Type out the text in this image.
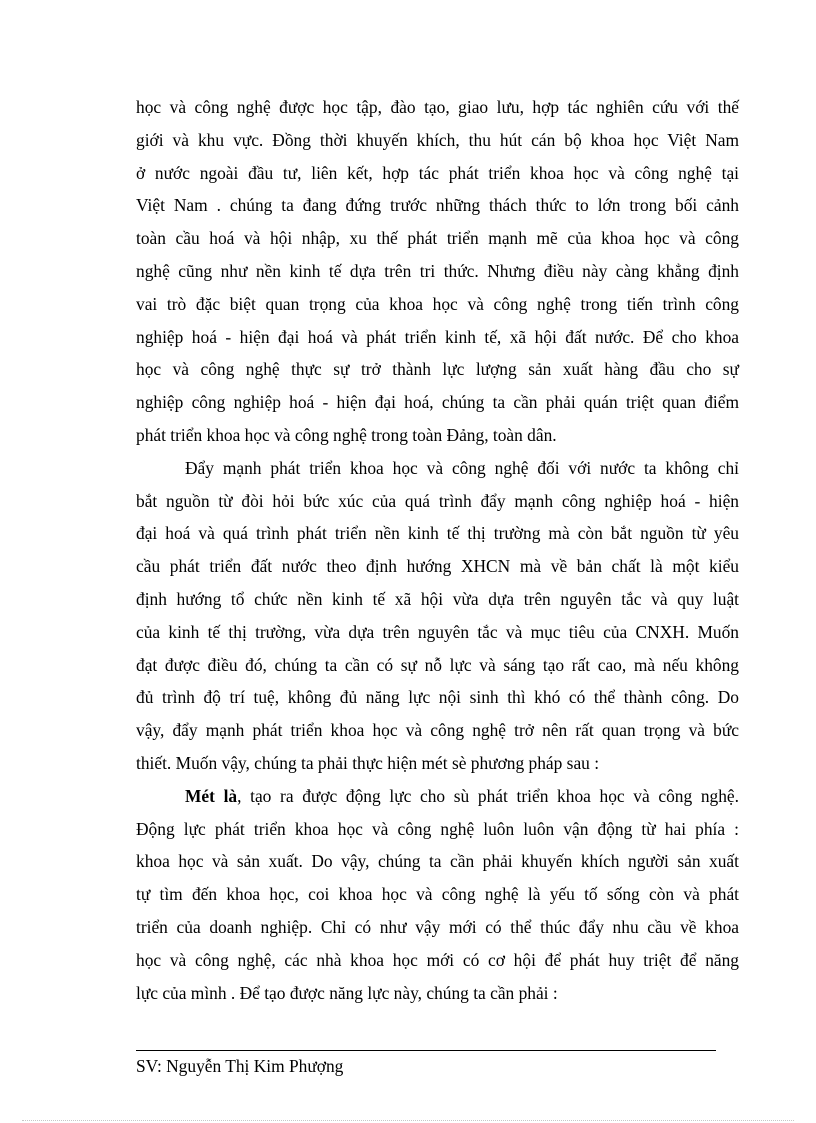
học và công nghệ được học tập, đào tạo, giao lưu, hợp tác nghiên cứu với thế
giới và khu vực. Đồng thời khuyến khích, thu hút cán bộ khoa học Việt Nam
ở nước ngoài đầu tư, liên kết, hợp tác phát triển khoa học và công nghệ tại
Việt Nam . chúng ta đang đứng trước những thách thức to lớn trong bối cảnh
toàn cầu hoá và hội nhập, xu thế phát triển mạnh mẽ của khoa học và công
nghệ cũng như nền kinh tế dựa trên tri thức. Nhưng điều này càng khẳng định
vai trò đặc biệt quan trọng của khoa học và công nghệ trong tiến trình công
nghiệp hoá - hiện đại hoá và phát triển kinh tế, xã hội đất nước. Để cho khoa
học và công nghệ thực sự trở thành lực lượng sản xuất hàng đầu cho sự
nghiệp công nghiệp hoá - hiện đại hoá, chúng ta cần phải quán triệt quan điểm
phát triển khoa học và công nghệ trong toàn Đảng, toàn dân.
Đẩy mạnh phát triển khoa học và công nghệ đối với nước ta không chỉ
bắt nguồn từ đòi hỏi bức xúc của quá trình đẩy mạnh công nghiệp hoá - hiện
đại hoá và quá trình phát triển nền kinh tế thị trường mà còn bắt nguồn từ yêu
cầu phát triển đất nước theo định hướng XHCN mà về bản chất là một kiểu
định hướng tổ chức nền kinh tế xã hội vừa dựa trên nguyên tắc và quy luật
của kinh tế thị trường, vừa dựa trên nguyên tắc và mục tiêu của CNXH. Muốn
đạt được điều đó, chúng ta cần có sự nỗ lực và sáng tạo rất cao, mà nếu không
đủ trình độ trí tuệ, không đủ năng lực nội sinh thì khó có thể thành công. Do
vậy, đẩy mạnh phát triển khoa học và công nghệ trở nên rất quan trọng và bức
thiết. Muốn vậy, chúng ta phải thực hiện mét sè phương pháp sau :
Mét là, tạo ra được động lực cho sù phát triển khoa học và công nghệ.
Động lực phát triển khoa học và công nghệ luôn luôn vận động từ hai phía :
khoa học và sản xuất. Do vậy, chúng ta cần phải khuyến khích người sản xuất
tự tìm đến khoa học, coi khoa học và công nghệ là yếu tố sống còn và phát
triển của doanh nghiệp. Chỉ có như vậy mới có thể thúc đẩy nhu cầu về khoa
học và công nghệ, các nhà khoa học mới có cơ hội để phát huy triệt để năng
lực của mình . Để tạo được năng lực này, chúng ta cần phải :
SV: Nguyễn Thị Kim Phượng
